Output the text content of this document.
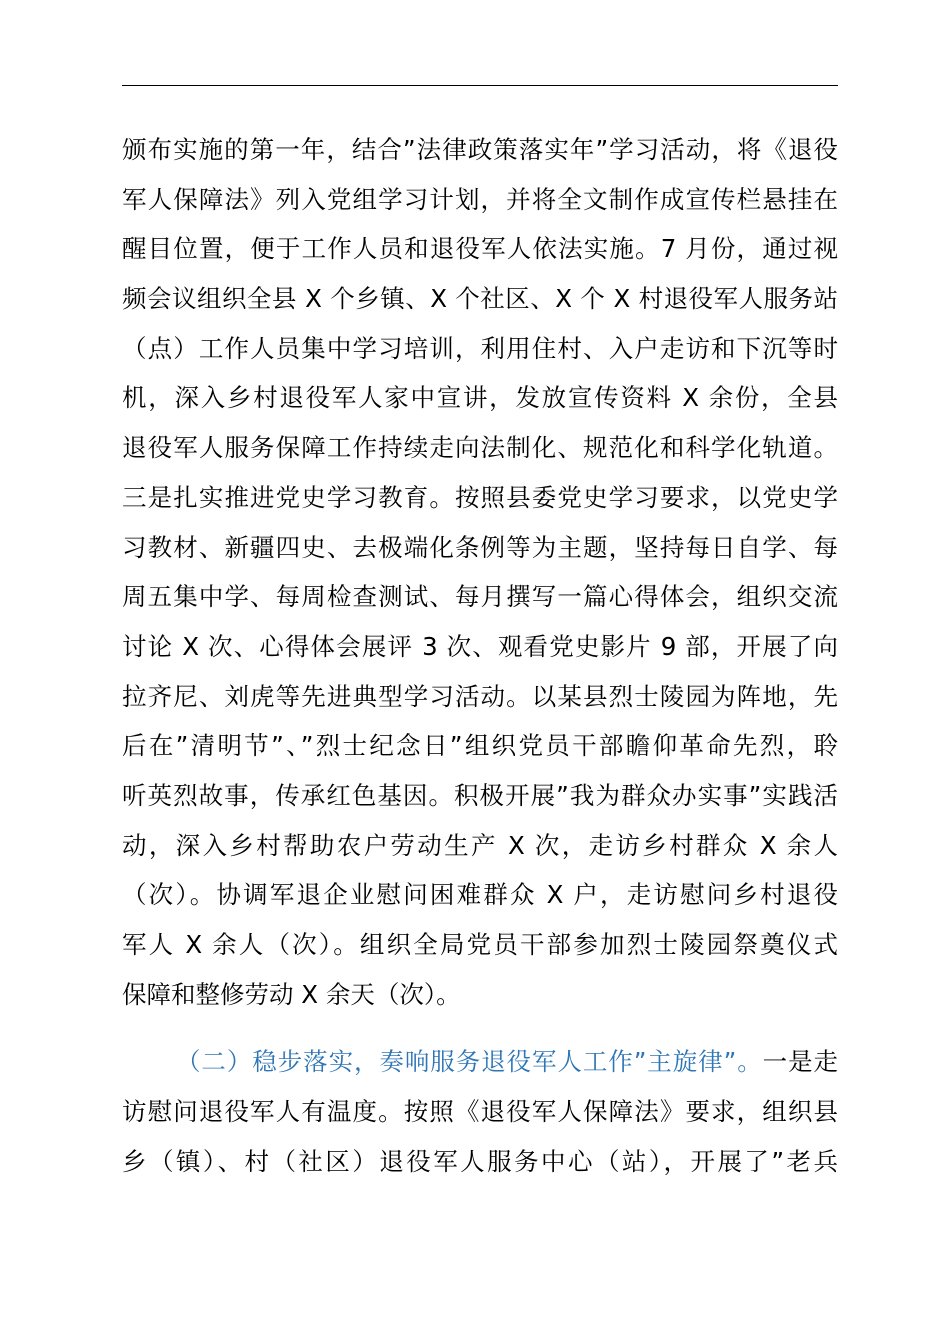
颁布实施的第一年，结合”法律政策落实年”学习活动，将《退役
军人保障法》列入党组学习计划，并将全文制作成宣传栏悬挂在
醒目位置，便于工作人员和退役军人依法实施。7 月份，通过视
频会议组织全县 X 个乡镇、X 个社区、X 个 X 村退役军人服务站
（点）工作人员集中学习培训，利用住村、入户走访和下沉等时
机，深入乡村退役军人家中宣讲，发放宣传资料 X 余份，全县
退役军人服务保障工作持续走向法制化、规范化和科学化轨道。
三是扎实推进党史学习教育。按照县委党史学习要求，以党史学
习教材、新疆四史、去极端化条例等为主题，坚持每日自学、每
周五集中学、每周检查测试、每月撰写一篇心得体会，组织交流
讨论 X 次、心得体会展评 3 次、观看党史影片 9 部，开展了向
拉齐尼、刘虎等先进典型学习活动。以某县烈士陵园为阵地，先
后在”清明节”、”烈士纪念日”组织党员干部瞻仰革命先烈，聆
听英烈故事，传承红色基因。积极开展”我为群众办实事”实践活
动，深入乡村帮助农户劳动生产 X 次，走访乡村群众 X 余人
（次）。协调军退企业慰问困难群众 X 户，走访慰问乡村退役
军人 X 余人（次）。组织全局党员干部参加烈士陵园祭奠仪式
保障和整修劳动 X 余天（次）。
（二）稳步落实，奏响服务退役军人工作”主旋律”。一是走
访慰问退役军人有温度。按照《退役军人保障法》要求，组织县
乡（镇）、村（社区）退役军人服务中心（站），开展了”老兵
